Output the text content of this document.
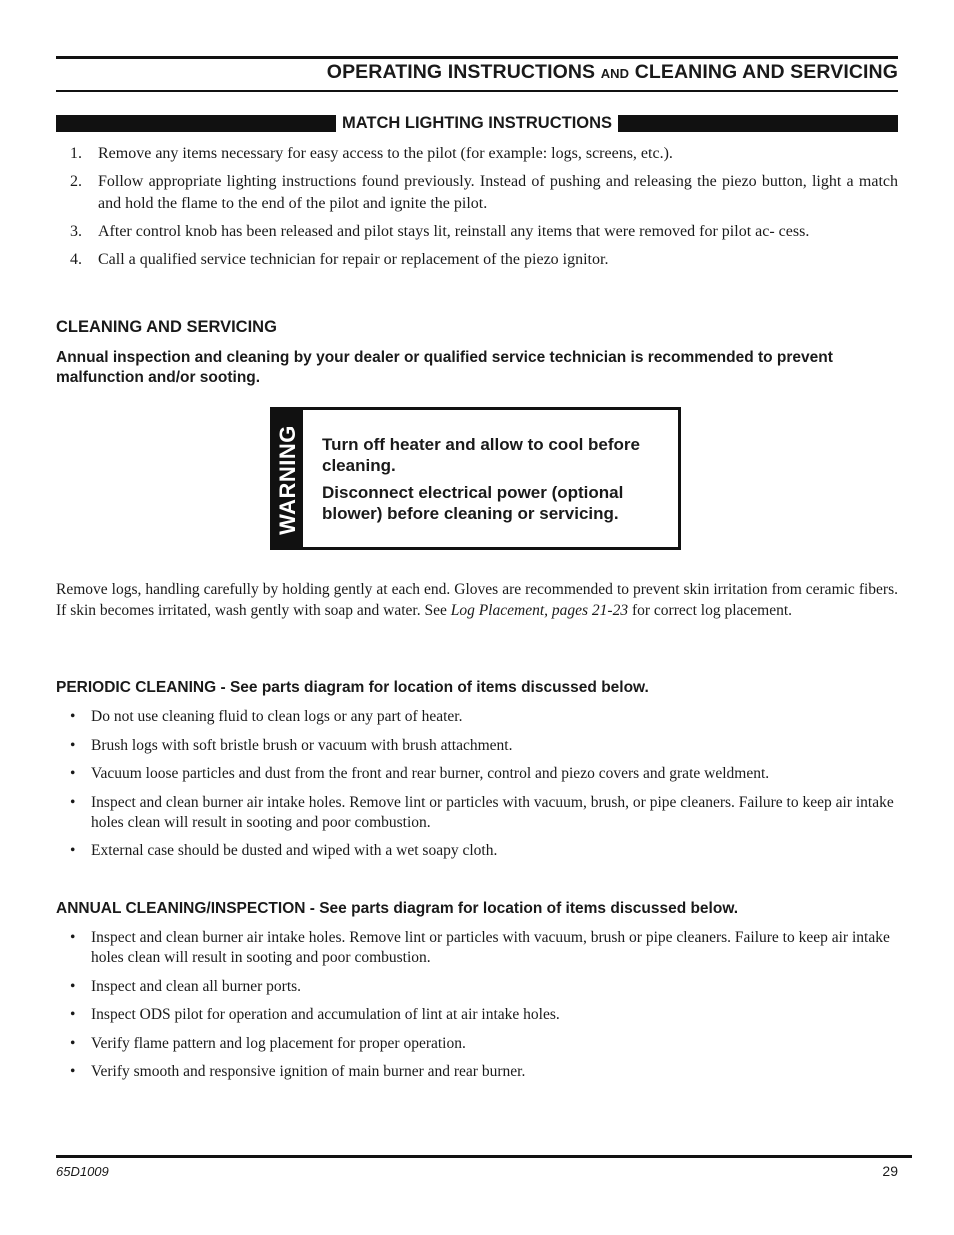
OPERATING INSTRUCTIONS AND CLEANING AND SERVICING
MATCH LIGHTING INSTRUCTIONS
1.	Remove any items necessary for easy access to the pilot (for example: logs, screens, etc.).
2.	Follow appropriate lighting instructions found previously. Instead of pushing and releasing the piezo button, light a match and hold the flame to the end of the pilot and ignite the pilot.
3.	After control knob has been released and pilot stays lit, reinstall any items that were removed for pilot ac- cess.
4.	Call a qualified service technician for repair or replacement of the piezo ignitor.
CLEANING AND SERVICING
Annual inspection and cleaning by your dealer or qualified service technician is recommended to prevent malfunction and/or sooting.
WARNING Turn off heater and allow to cool before cleaning.

Disconnect electrical power (optional blower) before cleaning or servicing.

Remove logs, handling carefully by holding gently at each end. Gloves are recommended to prevent skin irritation from ceramic fibers. If skin becomes irritated, wash gently with soap and water. See Log Placement, pages 21-23 for correct log placement.

PERIODIC CLEANING - See parts diagram for location of items discussed below.
•	Do not use cleaning fluid to clean logs or any part of heater.
•	Brush logs with soft bristle brush or vacuum with brush attachment.
•	Vacuum loose particles and dust from the front and rear burner, control and piezo covers and grate weldment.
•	Inspect and clean burner air intake holes. Remove lint or particles with vacuum, brush, or pipe cleaners. Failure to keep air intake holes clean will result in sooting and poor combustion.
•	External case should be dusted and wiped with a wet soapy cloth.
ANNUAL CLEANING/INSPECTION - See parts diagram for location of items discussed below.
•	Inspect and clean burner air intake holes. Remove lint or particles with vacuum, brush or pipe cleaners. Failure to keep air intake holes clean will result in sooting and poor combustion.
•	Inspect and clean all burner ports.
•	Inspect ODS pilot for operation and accumulation of lint at air intake holes.
•	Verify flame pattern and log placement for proper operation.
•	Verify smooth and responsive ignition of main burner and rear burner.
65D1009	29
